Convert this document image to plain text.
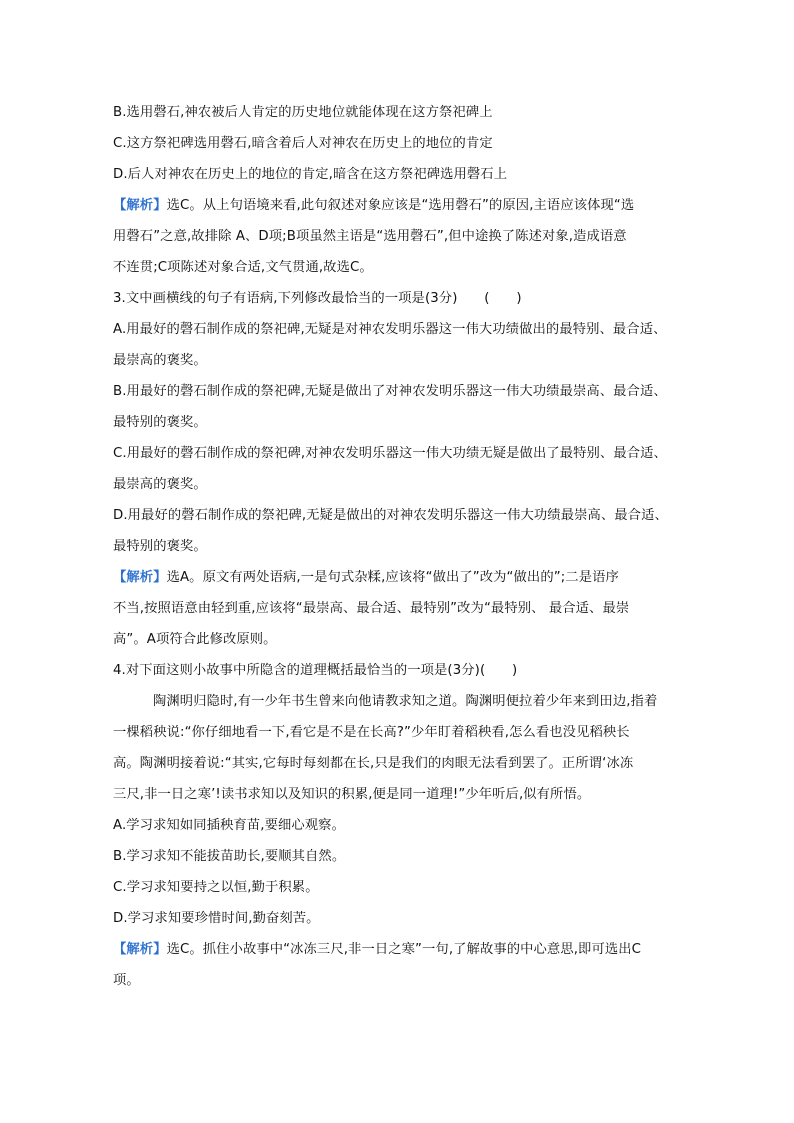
B.选用磬石,神农被后人肯定的历史地位就能体现在这方祭祀碑上
C.这方祭祀碑选用磬石,暗含着后人对神农在历史上的地位的肯定
D.后人对神农在历史上的地位的肯定,暗含在这方祭祀碑选用磬石上
【解析】选C。从上句语境来看,此句叙述对象应该是“选用磬石”的原因,主语应该体现“选
用磬石”之意,故排除 A、D项;B项虽然主语是“选用磬石”,但中途换了陈述对象,造成语意
不连贯;C项陈述对象合适,文气贯通,故选C。
3.文中画横线的句子有语病,下列修改最恰当的一项是(3分)　　(　　)
A.用最好的磬石制作成的祭祀碑,无疑是对神农发明乐器这一伟大功绩做出的最特别、最合适、
最崇高的褒奖。
B.用最好的磬石制作成的祭祀碑,无疑是做出了对神农发明乐器这一伟大功绩最崇高、最合适、
最特别的褒奖。
C.用最好的磬石制作成的祭祀碑,对神农发明乐器这一伟大功绩无疑是做出了最特别、最合适、
最崇高的褒奖。
D.用最好的磬石制作成的祭祀碑,无疑是做出的对神农发明乐器这一伟大功绩最崇高、最合适、
最特别的褒奖。
【解析】选A。原文有两处语病,一是句式杂糅,应该将“做出了”改为“做出的”;二是语序
不当,按照语意由轻到重,应该将“最崇高、最合适、最特别”改为“最特别、 最合适、最崇
高”。A项符合此修改原则。
4.对下面这则小故事中所隐含的道理概括最恰当的一项是(3分)(　　)
陶渊明归隐时,有一少年书生曾来向他请教求知之道。陶渊明便拉着少年来到田边,指着
一棵稻秧说:“你仔细地看一下,看它是不是在长高?”少年盯着稻秧看,怎么看也没见稻秧长
高。陶渊明接着说:“其实,它每时每刻都在长,只是我们的肉眼无法看到罢了。正所谓‘冰冻
三尺,非一日之寒’!读书求知以及知识的积累,便是同一道理!”少年听后,似有所悟。
A.学习求知如同插秧育苗,要细心观察。
B.学习求知不能拔苗助长,要顺其自然。
C.学习求知要持之以恒,勤于积累。
D.学习求知要珍惜时间,勤奋刻苦。
【解析】选C。抓住小故事中“冰冻三尺,非一日之寒”一句,了解故事的中心意思,即可选出C
项。
